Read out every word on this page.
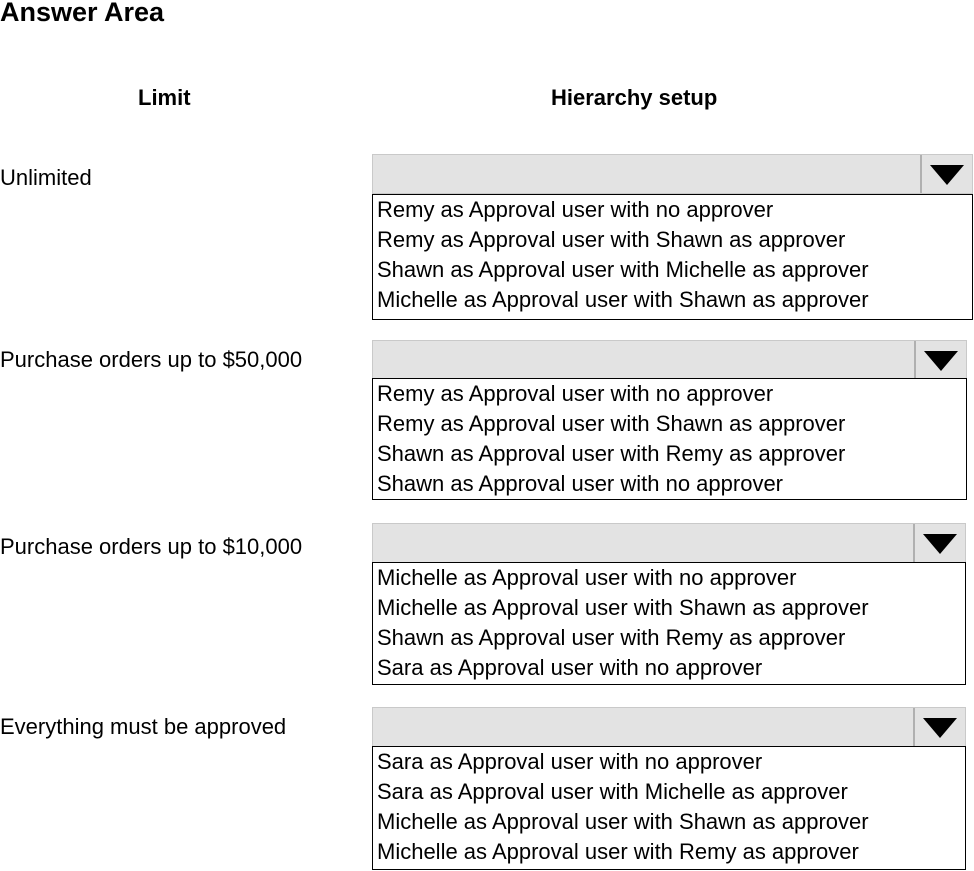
Answer Area
Limit	Hierarchy setup
Unlimited
Remy as Approval user with no approver
Remy as Approval user with Shawn as approver
Shawn as Approval user with Michelle as approver
Michelle as Approval user with Shawn as approver
Purchase orders up to $50,000
Remy as Approval user with no approver
Remy as Approval user with Shawn as approver
Shawn as Approval user with Remy as approver
Shawn as Approval user with no approver
Purchase orders up to $10,000
Michelle as Approval user with no approver
Michelle as Approval user with Shawn as approver
Shawn as Approval user with Remy as approver
Sara as Approval user with no approver
Everything must be approved
Sara as Approval user with no approver
Sara as Approval user with Michelle as approver
Michelle as Approval user with Shawn as approver
Michelle as Approval user with Remy as approver
